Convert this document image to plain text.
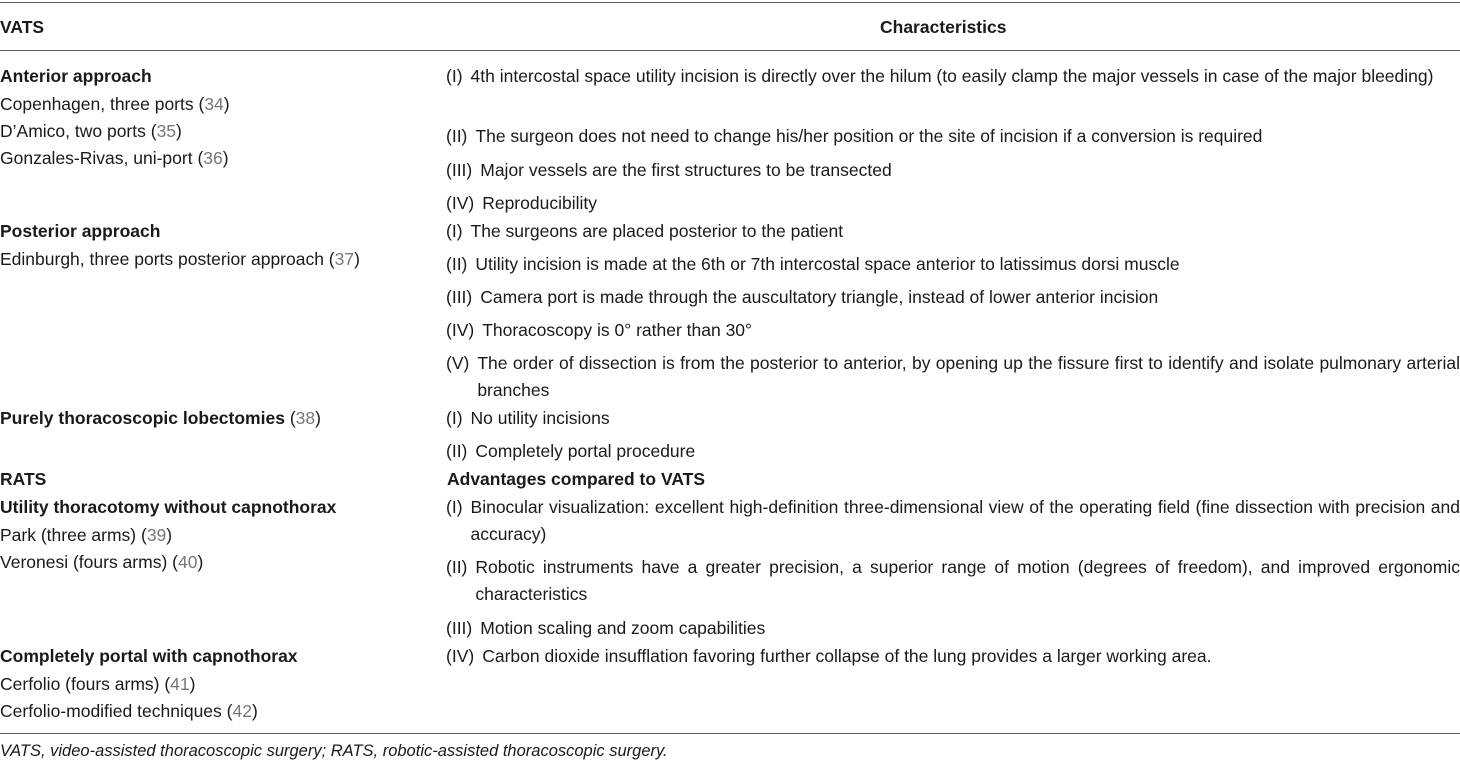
VATS	Characteristics
Anterior approach
Copenhagen, three ports (34)
D’Amico, two ports (35)
Gonzales-Rivas, uni-port (36)
(I) 4th intercostal space utility incision is directly over the hilum (to easily clamp the major vessels in case of the major bleeding)
(II) The surgeon does not need to change his/her position or the site of incision if a conversion is required
(III) Major vessels are the first structures to be transected
(IV) Reproducibility
Posterior approach
Edinburgh, three ports posterior approach (37)
(I) The surgeons are placed posterior to the patient
(II) Utility incision is made at the 6th or 7th intercostal space anterior to latissimus dorsi muscle
(III) Camera port is made through the auscultatory triangle, instead of lower anterior incision
(IV) Thoracoscopy is 0° rather than 30°
(V) The order of dissection is from the posterior to anterior, by opening up the fissure first to identify and isolate pulmonary arterial branches
Purely thoracoscopic lobectomies (38)	(I) No utility incisions
(II) Completely portal procedure
RATS
Utility thoracotomy without capnothorax
Park (three arms) (39)
Veronesi (fours arms) (40)
Advantages compared to VATS
(I) Binocular visualization: excellent high-definition three-dimensional view of the operating field (fine dissection with precision and accuracy)
(II) Robotic instruments have a greater precision, a superior range of motion (degrees of freedom), and improved ergonomic characteristics
(III) Motion scaling and zoom capabilities
(IV) Carbon dioxide insufflation favoring further collapse of the lung provides a larger working area.
Completely portal with capnothorax
Cerfolio (fours arms) (41)
Cerfolio-modified techniques (42)
VATS, video-assisted thoracoscopic surgery; RATS, robotic-assisted thoracoscopic surgery.
